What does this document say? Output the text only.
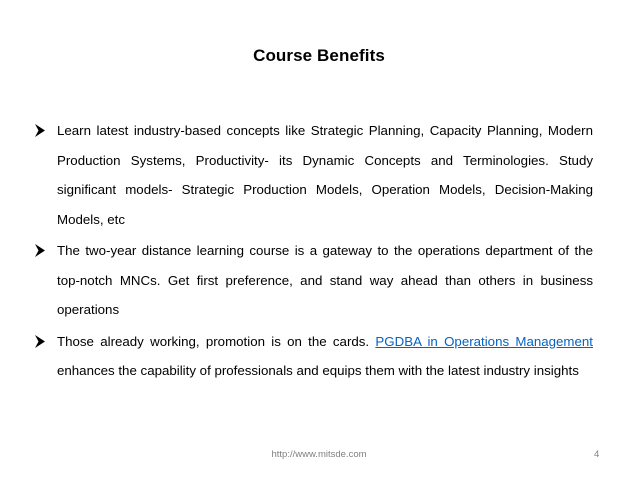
Course Benefits
Learn latest industry-based concepts like Strategic Planning, Capacity Planning, Modern Production Systems, Productivity- its Dynamic Concepts and Terminologies. Study significant models- Strategic Production Models, Operation Models, Decision-Making Models, etc
The two-year distance learning course is a gateway to the operations department of the top-notch MNCs. Get first preference, and stand way ahead than others in business operations
Those already working, promotion is on the cards. PGDBA in Operations Management enhances the capability of professionals and equips them with the latest industry insights
http://www.mitsde.com	4
